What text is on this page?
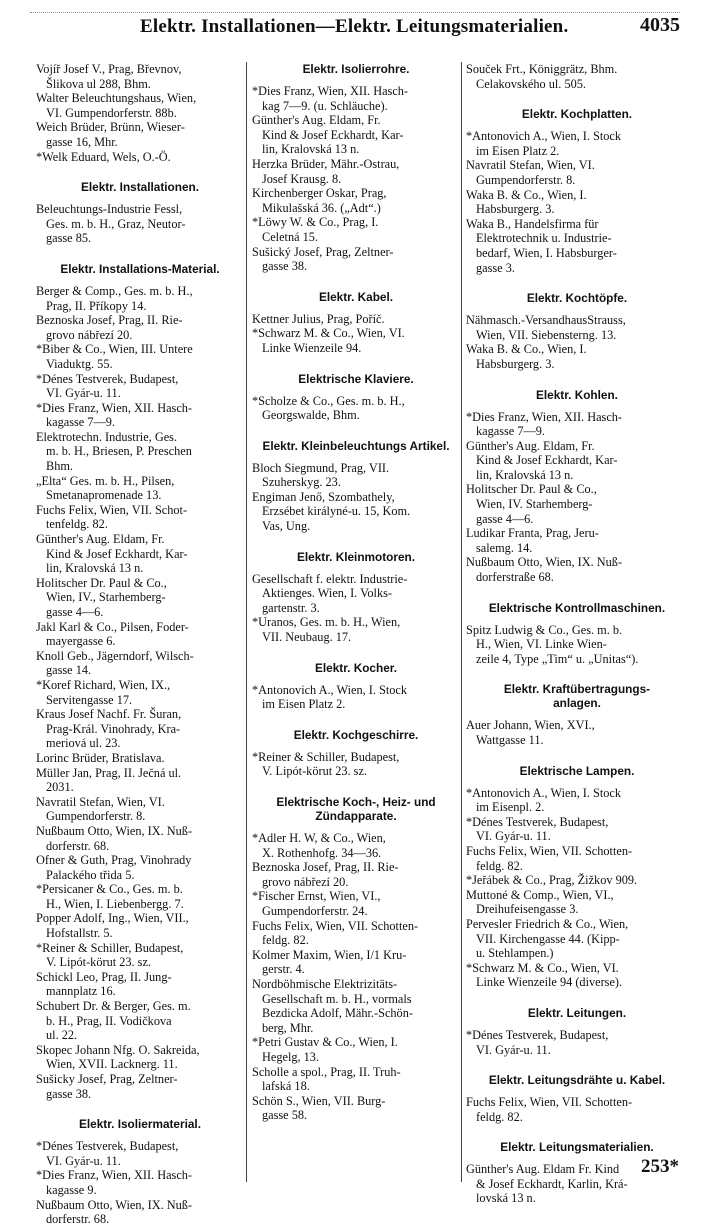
Elektr. Installationen—Elektr. Leitungsmaterialien.	4035
Vojíř Josef V., Prag, Břevnov,
Šlikova ul 288, Bhm.
Walter Beleuchtungshaus, Wien,
VI. Gumpendorferstr. 88b.
Weich Brüder, Brünn, Wieser-
gasse 16, Mhr.
*Welk Eduard, Wels, O.-Ö.
Elektr. Installationen.
Beleuchtungs-Industrie Fessl,
Ges. m. b. H., Graz, Neutor-
gasse 85.
Elektr. Installations-Material.
Berger & Comp., Ges. m. b. H.,
Prag, II. Příkopy 14.
Beznoska Josef, Prag, II. Rie-
grovo nábřezí 20.
*Biber & Co., Wien, III. Untere
Viaduktg. 55.
*Dénes Testverek, Budapest,
VI. Gyár-u. 11.
*Dies Franz, Wien, XII. Hasch-
kagasse 7—9.
Elektrotechn. Industrie, Ges.
m. b. H., Briesen, P. Preschen
Bhm.
„Elta“ Ges. m. b. H., Pilsen,
Smetanapromenade 13.
Fuchs Felix, Wien, VII. Schot-
tenfeldg. 82.
Günther's Aug. Eldam, Fr.
Kind & Josef Eckhardt, Kar-
lin, Kralovská 13 n.
Holitscher Dr. Paul & Co.,
Wien, IV., Starhemberg-
gasse 4—6.
Jakl Karl & Co., Pilsen, Foder-
mayergasse 6.
Knoll Geb., Jägerndorf, Wilsch-
gasse 14.
*Koref Richard, Wien, IX.,
Servitengasse 17.
Kraus Josef Nachf. Fr. Šuran,
Prag-Král. Vinohrady, Kra-
meriová ul. 23.
Lorinc Brüder, Bratislava.
Müller Jan, Prag, II. Ječná ul.
2031.
Navratil Stefan, Wien, VI.
Gumpendorferstr. 8.
Nußbaum Otto, Wien, IX. Nuß-
dorferstr. 68.
Ofner & Guth, Prag, Vinohrady
Palackého třida 5.
*Persicaner & Co., Ges. m. b.
H., Wien, I. Liebenbergg. 7.
Popper Adolf, Ing., Wien, VII.,
Hofstallstr. 5.
*Reiner & Schiller, Budapest,
V. Lipót-körut 23. sz.
Schickl Leo, Prag, II. Jung-
mannplatz 16.
Schubert Dr. & Berger, Ges. m.
b. H., Prag, II. Vodičkova
ul. 22.
Skopec Johann Nfg. O. Sakreida,
Wien, XVII. Lacknerg. 11.
Sušicky Josef, Prag, Zeltner-
gasse 38.
Elektr. Isoliermaterial.
*Dénes Testverek, Budapest,
VI. Gyár-u. 11.
*Dies Franz, Wien, XII. Hasch-
kagasse 9.
Nußbaum Otto, Wien, IX. Nuß-
dorferstr. 68.
Elektr. Isolierrohre.
*Dies Franz, Wien, XII. Hasch-
kag 7—9. (u. Schläuche).
Günther's Aug. Eldam, Fr.
Kind & Josef Eckhardt, Kar-
lin, Kralovská 13 n.
Herzka Brüder, Mähr.-Ostrau,
Josef Krausg. 8.
Kirchenberger Oskar, Prag,
Mikulašská 36. („Adt“.)
*Löwy W. & Co., Prag, I.
Celetná 15.
Sušický Josef, Prag, Zeltner-
gasse 38.
Elektr. Kabel.
Kettner Julius, Prag, Poříč.
*Schwarz M. & Co., Wien, VI.
Linke Wienzeile 94.
Elektrische Klaviere.
*Scholze & Co., Ges. m. b. H.,
Georgswalde, Bhm.
Elektr. Kleinbeleuchtungs Artikel.
Bloch Siegmund, Prag, VII.
Szuherskyg. 23.
Engiman Jenő, Szombathely,
Erzsébet királyné-u. 15, Kom.
Vas, Ung.
Elektr. Kleinmotoren.
Gesellschaft f. elektr. Industrie-
Aktienges. Wien, I. Volks-
gartenstr. 3.
*Uranos, Ges. m. b. H., Wien,
VII. Neubaug. 17.
Elektr. Kocher.
*Antonovich A., Wien, I. Stock
im Eisen Platz 2.
Elektr. Kochgeschirre.
*Reiner & Schiller, Budapest,
V. Lipót-körut 23. sz.
Elektrische Koch-, Heiz- und
Zündapparate.
*Adler H. W, & Co., Wien,
X. Rothenhofg. 34—36.
Beznoska Josef, Prag, II. Rie-
grovo nábřezí 20.
*Fischer Ernst, Wien, VI.,
Gumpendorferstr. 24.
Fuchs Felix, Wien, VII. Schotten-
feldg. 82.
Kolmer Maxim, Wien, I/1 Kru-
gerstr. 4.
Nordböhmische Elektrizitäts-
Gesellschaft m. b. H., vormals
Bezdicka Adolf, Mähr.-Schön-
berg, Mhr.
*Petri Gustav & Co., Wien, I.
Hegelg, 13.
Scholle a spol., Prag, II. Truh-
lafská 18.
Schön S., Wien, VII. Burg-
gasse 58.
Souček Frt., Königgrätz, Bhm.
Celakovského ul. 505.
Elektr. Kochplatten.
*Antonovich A., Wien, I. Stock
im Eisen Platz 2.
Navratil Stefan, Wien, VI.
Gumpendorferstr. 8.
Waka B. & Co., Wien, I.
Habsburgerg. 3.
Waka B., Handelsfirma für
Elektrotechnik u. Industrie-
bedarf, Wien, I. Habsburger-
gasse 3.
Elektr. Kochtöpfe.
Nähmasch.-VersandhausStrauss,
Wien, VII. Siebensterng. 13.
Waka B. & Co., Wien, I.
Habsburgerg. 3.
Elektr. Kohlen.
*Dies Franz, Wien, XII. Hasch-
kagasse 7—9.
Günther's Aug. Eldam, Fr.
Kind & Josef Eckhardt, Kar-
lin, Kralovská 13 n.
Holitscher Dr. Paul & Co.,
Wien, IV. Starhemberg-
gasse 4—6.
Ludikar Franta, Prag, Jeru-
salemg. 14.
Nußbaum Otto, Wien, IX. Nuß-
dorferstraße 68.
Elektrische Kontrollmaschinen.
Spitz Ludwig & Co., Ges. m. b.
H., Wien, VI. Linke Wien-
zeile 4, Type „Tim“ u. „Unitas“).
Elektr. Kraftübertragungs-
anlagen.
Auer Johann, Wien, XVI.,
Wattgasse 11.
Elektrische Lampen.
*Antonovich A., Wien, I. Stock
im Eisenpl. 2.
*Dénes Testverek, Budapest,
VI. Gyár-u. 11.
Fuchs Felix, Wien, VII. Schotten-
feldg. 82.
*Jeřábek & Co., Prag, Žižkov 909.
Muttoné & Comp., Wien, VI.,
Dreihufeisengasse 3.
Pervesler Friedrich & Co., Wien,
VII. Kirchengasse 44. (Kipp-
u. Stehlampen.)
*Schwarz M. & Co., Wien, VI.
Linke Wienzeile 94 (diverse).
Elektr. Leitungen.
*Dénes Testverek, Budapest,
VI. Gyár-u. 11.
Elektr. Leitungsdrähte u. Kabel.
Fuchs Felix, Wien, VII. Schotten-
feldg. 82.
Elektr. Leitungsmaterialien.
Günther's Aug. Eldam Fr. Kind
& Josef Eckhardt, Karlin, Krá-
lovská 13 n.
253*
